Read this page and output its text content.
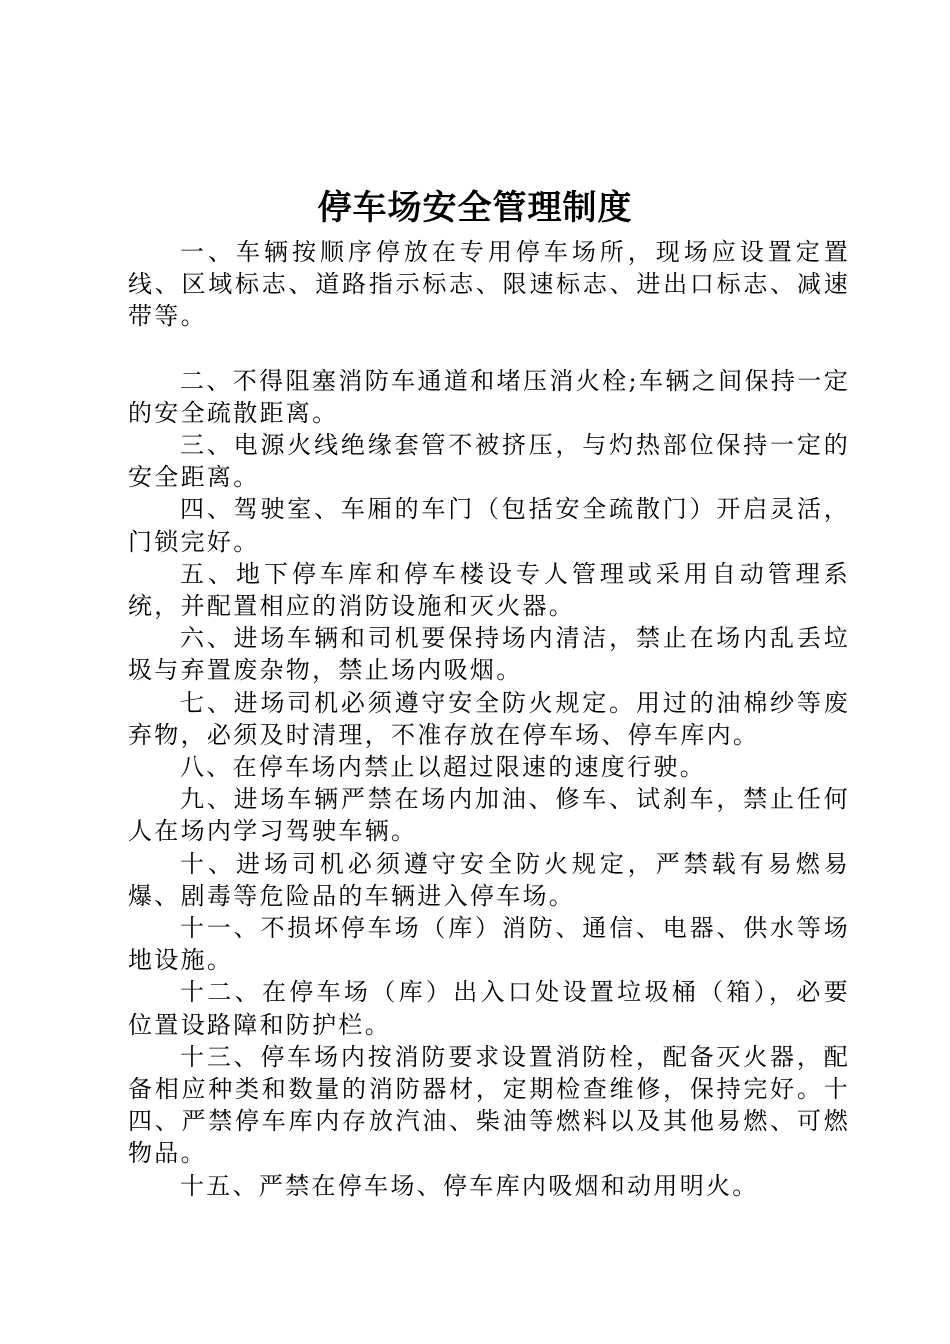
停车场安全管理制度

一、车辆按顺序停放在专用停车场所，现场应设置定置线、区域标志、道路指示标志、限速标志、进出口标志、减速带等。

二、不得阻塞消防车通道和堵压消火栓;车辆之间保持一定的安全疏散距离。

三、电源火线绝缘套管不被挤压，与灼热部位保持一定的安全距离。

四、驾驶室、车厢的车门（包括安全疏散门）开启灵活，门锁完好。

五、地下停车库和停车楼设专人管理或采用自动管理系统，并配置相应的消防设施和灭火器。

六、进场车辆和司机要保持场内清洁，禁止在场内乱丢垃圾与弃置废杂物，禁止场内吸烟。

七、进场司机必须遵守安全防火规定。用过的油棉纱等废弃物，必须及时清理，不准存放在停车场、停车库内。

八、在停车场内禁止以超过限速的速度行驶。

九、进场车辆严禁在场内加油、修车、试刹车，禁止任何人在场内学习驾驶车辆。

十、进场司机必须遵守安全防火规定，严禁载有易燃易爆、剧毒等危险品的车辆进入停车场。

十一、不损坏停车场（库）消防、通信、电器、供水等场地设施。

十二、在停车场（库）出入口处设置垃圾桶（箱），必要位置设路障和防护栏。

十三、停车场内按消防要求设置消防栓，配备灭火器，配备相应种类和数量的消防器材，定期检查维修，保持完好。十四、严禁停车库内存放汽油、柴油等燃料以及其他易燃、可燃物品。

十五、严禁在停车场、停车库内吸烟和动用明火。
